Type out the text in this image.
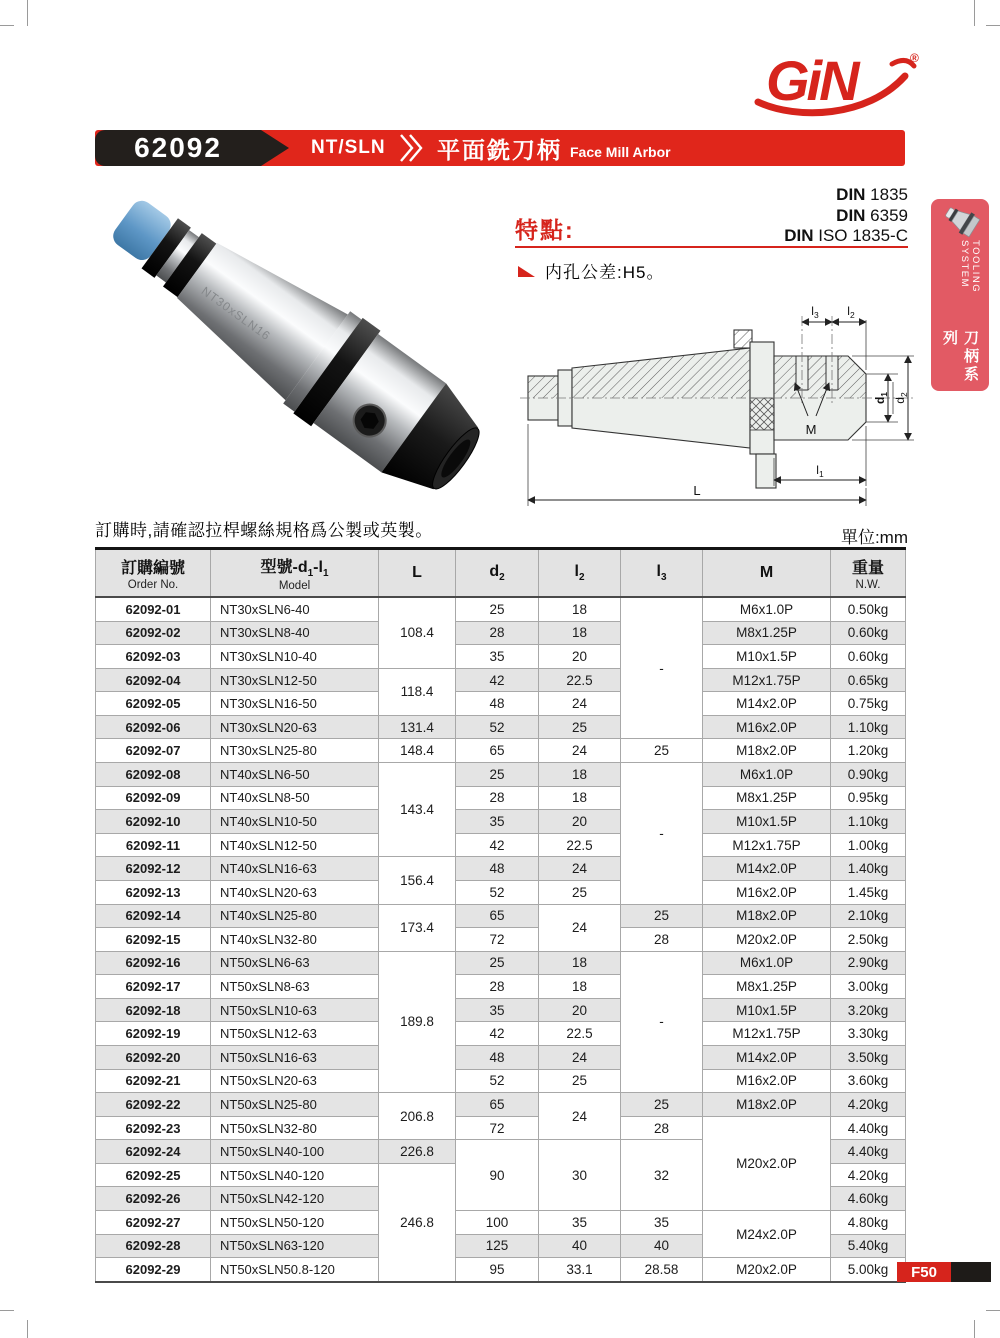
GiN	®
62092	NT/SLN 平面銑刀柄 Face Mill Arbor
NT30xSLN16
特點:
DIN 1835
DIN 6359
DIN ISO 1835-C
内孔公差:H5。	TOOLING SYSTEM
刀柄系列
$l_3$ $l_2$
$d_1$
$d_2$
M
$l_1$
L
訂購時,請確認拉桿螺絲規格爲公製或英製。	單位:mm
訂購編號
Order No.

型號$-d_1-l_1$
Model

L	$d_2$	$l_2$	$l_3$	M	重量
N.W.

62092-01	NT30xSLN6-40	108.4	25	18	-	M6x1.0P	0.50kg
62092-02	NT30xSLN8-40		28	18		M8x1.25P	0.60kg
62092-03	NT30xSLN10-40		35	20		M10x1.5P	0.60kg
62092-04	NT30xSLN12-50	118.4	42	22.5		M12x1.75P	0.65kg
62092-05	NT30xSLN16-50		48	24		M14x2.0P	0.75kg
62092-06	NT30xSLN20-63	131.4	52	25		M16x2.0P	1.10kg
62092-07	NT30xSLN25-80	148.4	65	24	25	M18x2.0P	1.20kg
62092-08	NT40xSLN6-50	143.4	25	18	-	M6x1.0P	0.90kg
62092-09	NT40xSLN8-50		28	18		M8x1.25P	0.95kg
62092-10	NT40xSLN10-50		35	20		M10x1.5P	1.10kg
62092-11	NT40xSLN12-50		42	22.5		M12x1.75P	1.00kg
62092-12	NT40xSLN16-63	156.4	48	24		M14x2.0P	1.40kg
62092-13	NT40xSLN20-63		52	25		M16x2.0P	1.45kg
62092-14	NT40xSLN25-80	173.4	65	24	25	M18x2.0P	2.10kg
62092-15	NT40xSLN32-80		72		28	M20x2.0P	2.50kg
62092-16	NT50xSLN6-63	189.8	25	18	-	M6x1.0P	2.90kg
62092-17	NT50xSLN8-63		28	18		M8x1.25P	3.00kg
62092-18	NT50xSLN10-63		35	20		M10x1.5P	3.20kg
62092-19	NT50xSLN12-63		42	22.5		M12x1.75P	3.30kg
62092-20	NT50xSLN16-63		48	24		M14x2.0P	3.50kg
62092-21	NT50xSLN20-63		52	25		M16x2.0P	3.60kg
62092-22	NT50xSLN25-80	206.8	65	24	25	M18x2.0P	4.20kg
62092-23	NT50xSLN32-80		72		28	M20x2.0P	4.40kg
62092-24	NT50xSLN40-100	226.8	90	30	32		4.40kg
62092-25	NT50xSLN40-120	246.8					4.20kg
62092-26	NT50xSLN42-120						4.60kg
62092-27	NT50xSLN50-120		100	35	35	M24x2.0P	4.80kg
62092-28	NT50xSLN63-120		125	40	40		5.40kg
62092-29	NT50xSLN50.8-120		95	33.1	28.58	M20x2.0P	5.00kg	F50
